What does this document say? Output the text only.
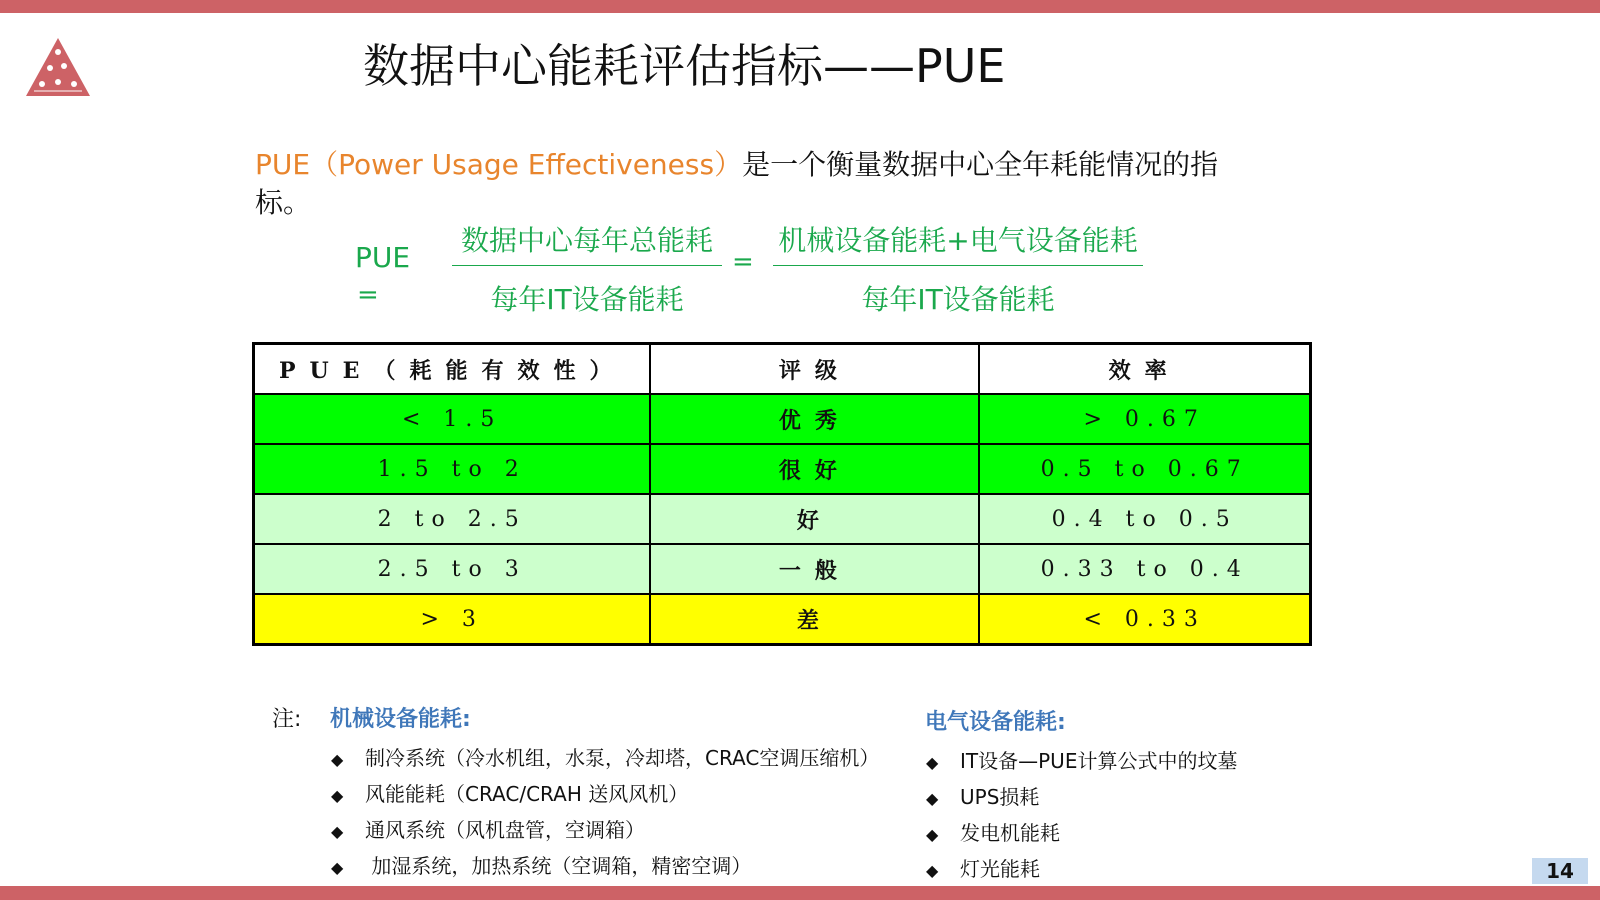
数据中心能耗评估指标——PUE
PUE（Power Usage Effectiveness）是一个衡量数据中心全年耗能情况的指标。
PUE
=
数据中心每年总能耗
每年IT设备能耗
=
机械设备能耗+电气设备能耗
每年IT设备能耗
PUE（耗能有效性）	评级	效率
< 1.5	优秀	> 0.67
1.5 to 2	很好	0.5 to 0.67
2 to 2.5	好	0.4 to 0.5
2.5 to 3	一般	0.33 to 0.4
> 3	差	< 0.33
注: 机械设备能耗:
◆ 制冷系统（冷水机组，水泵，冷却塔，CRAC空调压缩机）
◆ 风能能耗（CRAC/CRAH 送风风机）
◆ 通风系统（风机盘管，空调箱）
◆ 加湿系统，加热系统（空调箱，精密空调）
电气设备能耗:
◆ IT设备—PUE计算公式中的坟墓
◆ UPS损耗
◆ 发电机能耗
◆ 灯光能耗	14
